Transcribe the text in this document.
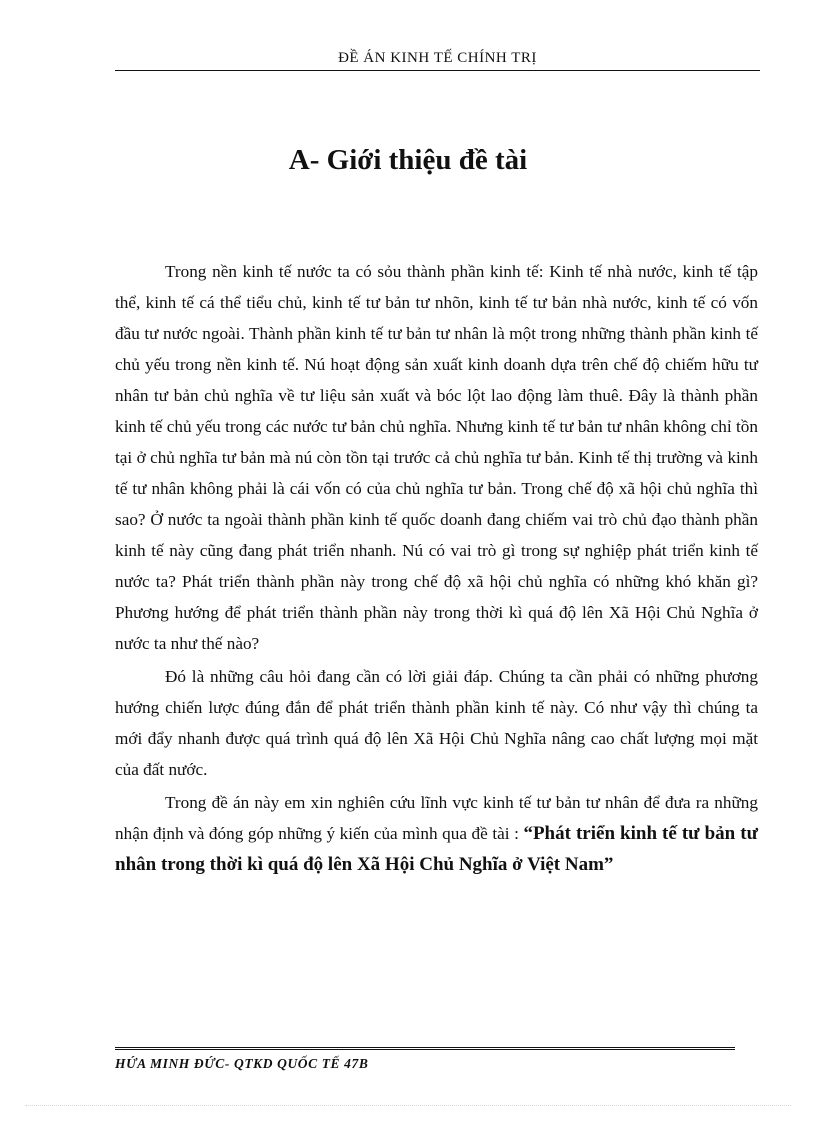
ĐỀ ÁN KINH TẾ CHÍNH TRỊ
A- Giới thiệu đề tài

Trong nền kinh tế nước ta có sỏu thành phần kinh tế: Kinh tế nhà nước, kinh tế tập thể, kinh tế cá thể tiểu chủ, kinh tế tư bản tư nhõn, kinh tế tư bản nhà nước, kinh tế có vốn đầu tư nước ngoài. Thành phần kinh tế tư bản tư nhân là một trong những thành phần kinh tế chủ yếu trong nền kinh tế. Nú hoạt động sản xuất kinh doanh dựa trên chế độ chiếm hữu tư nhân tư bản chủ nghĩa về tư liệu sản xuất và bóc lột lao động làm thuê. Đây là thành phần kinh tế chủ yếu trong các nước tư bản chủ nghĩa. Nhưng kinh tế tư bản tư nhân không chỉ tồn tại ở chủ nghĩa tư bản mà nú còn tồn tại trước cả chủ nghĩa tư bản. Kinh tế thị trường và kinh tế tư nhân không phải là cái vốn có của chủ nghĩa tư bản. Trong chế độ xã hội chủ nghĩa thì sao? Ở nước ta ngoài thành phần kinh tế quốc doanh đang chiếm vai trò chủ đạo thành phần kinh tế này cũng đang phát triển nhanh. Nú có vai trò gì trong sự nghiệp phát triển kinh tế nước ta? Phát triển thành phần này trong chế độ xã hội chủ nghĩa có những khó khăn gì? Phương hướng để phát triển thành phần này trong thời kì quá độ lên Xã Hội Chủ Nghĩa ở nước ta như thế nào?

Đó là những câu hỏi đang cần có lời giải đáp. Chúng ta cần phải có những phương hướng chiến lược đúng đắn để phát triển thành phần kinh tế này. Có như vậy thì chúng ta mới đẩy nhanh được quá trình quá độ lên Xã Hội Chủ Nghĩa nâng cao chất lượng mọi mặt của đất nước.

Trong đề án này em xin nghiên cứu lĩnh vực kinh tế tư bản tư nhân để đưa ra những nhận định và đóng góp những ý kiến của mình qua đề tài : “Phát triển kinh tế tư bản tư nhân trong thời kì quá độ lên Xã Hội Chủ Nghĩa ở Việt Nam”

HỨA MINH ĐỨC- QTKD QUỐC TẾ 47B
